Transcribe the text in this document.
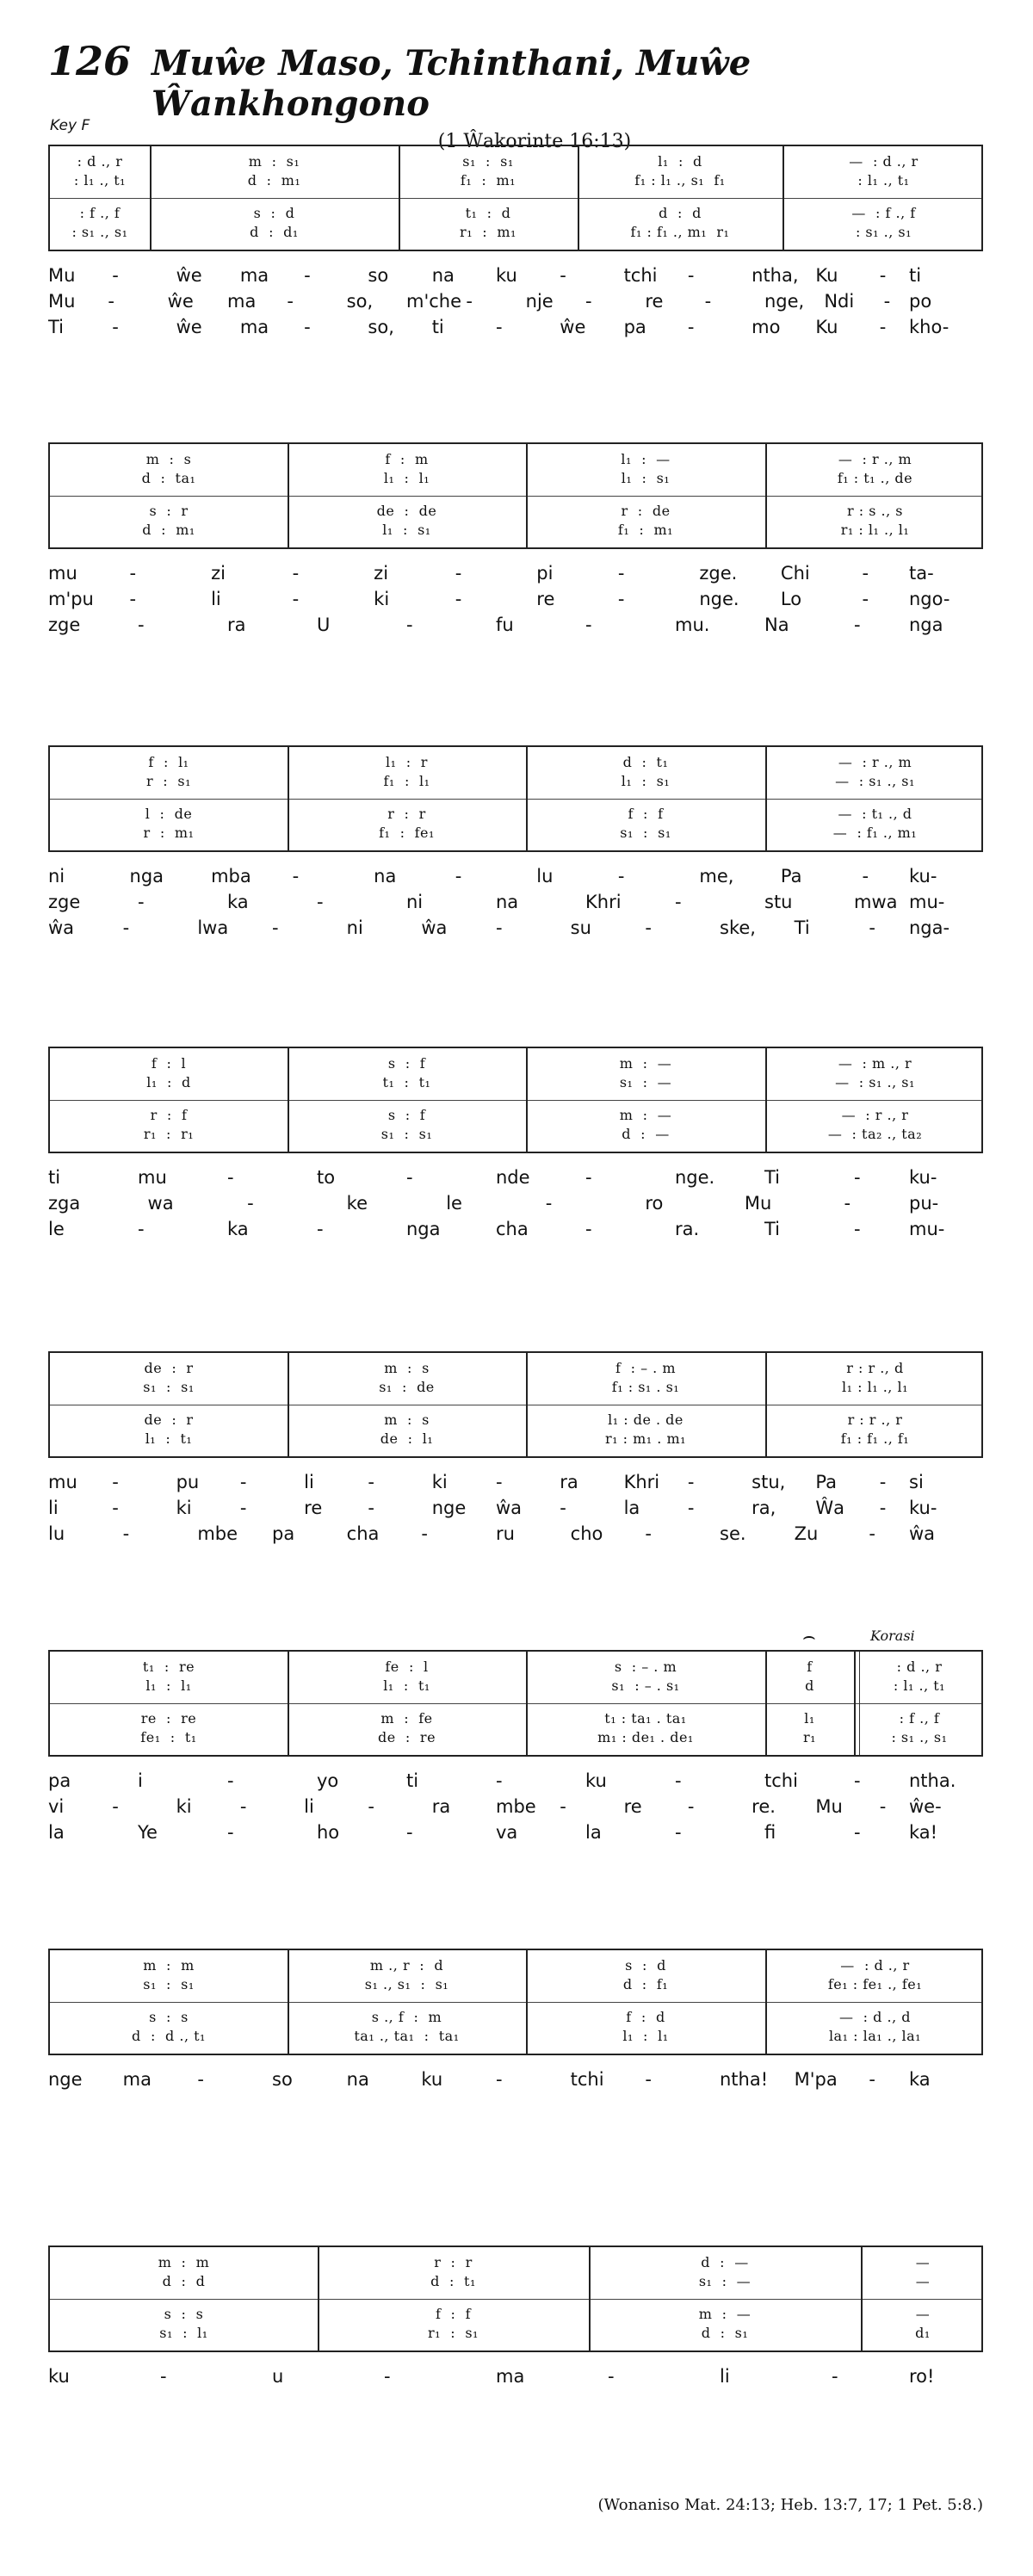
126 Muŵe Maso, Tchinthani, Muŵe Ŵankhongono
(1 Ŵakorinte 16:13)
Key F
: d ., r	m  :  s₁	s₁  :  s₁	l₁  :  d	—  : d ., r
: l₁ ., t₁	d  :  m₁	f₁  :  m₁	f₁ : l₁ ., s₁  f₁	: l₁ ., t₁
: f ., f	s  :  d	t₁  :  d	d  :  d	—  : f ., f
: s₁ ., s₁	d  :  d₁	r₁  :  m₁	f₁ : f₁ ., m₁  r₁	: s₁ ., s₁
Mu -	ŵe ma -	so na ku -	tchi -	ntha, Ku - ti
Mu -	ŵe ma -	so, m'che -	nje -	re -	nge, Ndi - po
Ti	-	ŵe ma -	so, ti	-	ŵe pa -	mo Ku - kho-
m  :  s	f  :  m	l₁  :  —	—  : r ., m
d  :  ta₁	l₁  :  l₁	l₁  :  s₁	f₁ : t₁ ., de
s  :  r	de  :  de	r  :  de	r : s ., s
d  :  m₁	l₁  :  s₁	f₁  :  m₁	r₁ : l₁ ., l₁
mu	-	zi	-	zi	-	pi	-	zge. Chi	- ta-
m'pu -	li	-	ki	-	re	-	nge. Lo	- ngo-
zge	-	ra	U	-	fu	-	mu.	Na	-	nga
f  :  l₁	l₁  :  r	d  :  t₁	—  : r ., m
r  :  s₁	f₁  :  l₁	l₁  :  s₁	—  : s₁ ., s₁
l  :  de	r  :  r	f  :  f	—  : t₁ ., d
r  :  m₁	f₁  :  fe₁	s₁  :  s₁	—  : f₁ ., m₁
ni	nga	mba -	na	-	lu	-	me,	Pa	- ku-
zge	-	ka	-	ni	na	Khri	-	stu	mwa mu-
ŵa	-	lwa -	ni	ŵa	-	su	-	ske, Ti	- nga-
f  :  l	s  :  f	m  :  —	—  : m ., r
l₁  :  d	t₁  :  t₁	s₁  :  —	—  : s₁ ., s₁
r  :  f	s  :  f	m  :  —	—  : r ., r
r₁  :  r₁	s₁  :  s₁	d  :  —	—  : ta₂ ., ta₂
ti	mu	-	to	-	nde	-	nge.	Ti	-	ku-
zga	wa	-	ke	le	-	ro	Mu	-	pu-
le	-	ka	-	nga	cha	-	ra.	Ti	-	mu-
de  :  r	m  :  s	f  : – . m	r : r ., d
s₁  :  s₁	s₁  :  de	f₁ : s₁ . s₁	l₁ : l₁ ., l₁
de  :  r	m  :  s	l₁ : de . de	r : r ., r
l₁  :  t₁	de  :  l₁	r₁ : m₁ . m₁	f₁ : f₁ ., f₁
mu -	pu -	li	-	ki	-	ra	Khri -	stu, Pa - si
li	-	ki	-	re	-	nge ŵa -	la	-	ra, Ŵa - ku-
lu	-	mbe pa	cha -	ru	cho -	se.	Zu	- ŵa
t₁  :  re	fe  :  l	s  : – . m	f	: d ., r
l₁  :  l₁	l₁  :  t₁	s₁  : – . s₁	d	: l₁ ., t₁
re  :  re	m  :  fe	t₁ : ta₁ . ta₁	l₁	: f ., f
fe₁  :  t₁	de  :  re	m₁ : de₁ . de₁	r₁	: s₁ ., s₁
Korasi
⌢
pa	i	-	yo	ti	-	ku	-	tchi	-	ntha.
vi	-	ki	-	li	-	ra	mbe -	re	-	re. Mu - ŵe-
la	Ye	-	ho	-	va	la	-	fi	-	ka!
m  :  m	m ., r  :  d	s  :  d	—  : d ., r
s₁  :  s₁	s₁ ., s₁  :  s₁	d  :  f₁	fe₁ : fe₁ ., fe₁
s  :  s	s ., f  :  m	f  :  d	—  : d ., d
d  :  d ., t₁	ta₁ ., ta₁  :  ta₁	l₁  :  l₁	la₁ : la₁ ., la₁
nge ma	-	so	na	ku	-	tchi -	ntha! M'pa - ka
m  :  m	r  :  r	d  :  —	—
d  :  d	d  :  t₁	s₁  :  —	—
s  :  s	f  :  f	m  :  —	—
s₁  :  l₁	r₁  :  s₁	d  :  s₁	d₁
ku	-	u	-	ma	-	li	-	ro!
(Wonaniso Mat. 24:13; Heb. 13:7, 17; 1 Pet. 5:8.)
